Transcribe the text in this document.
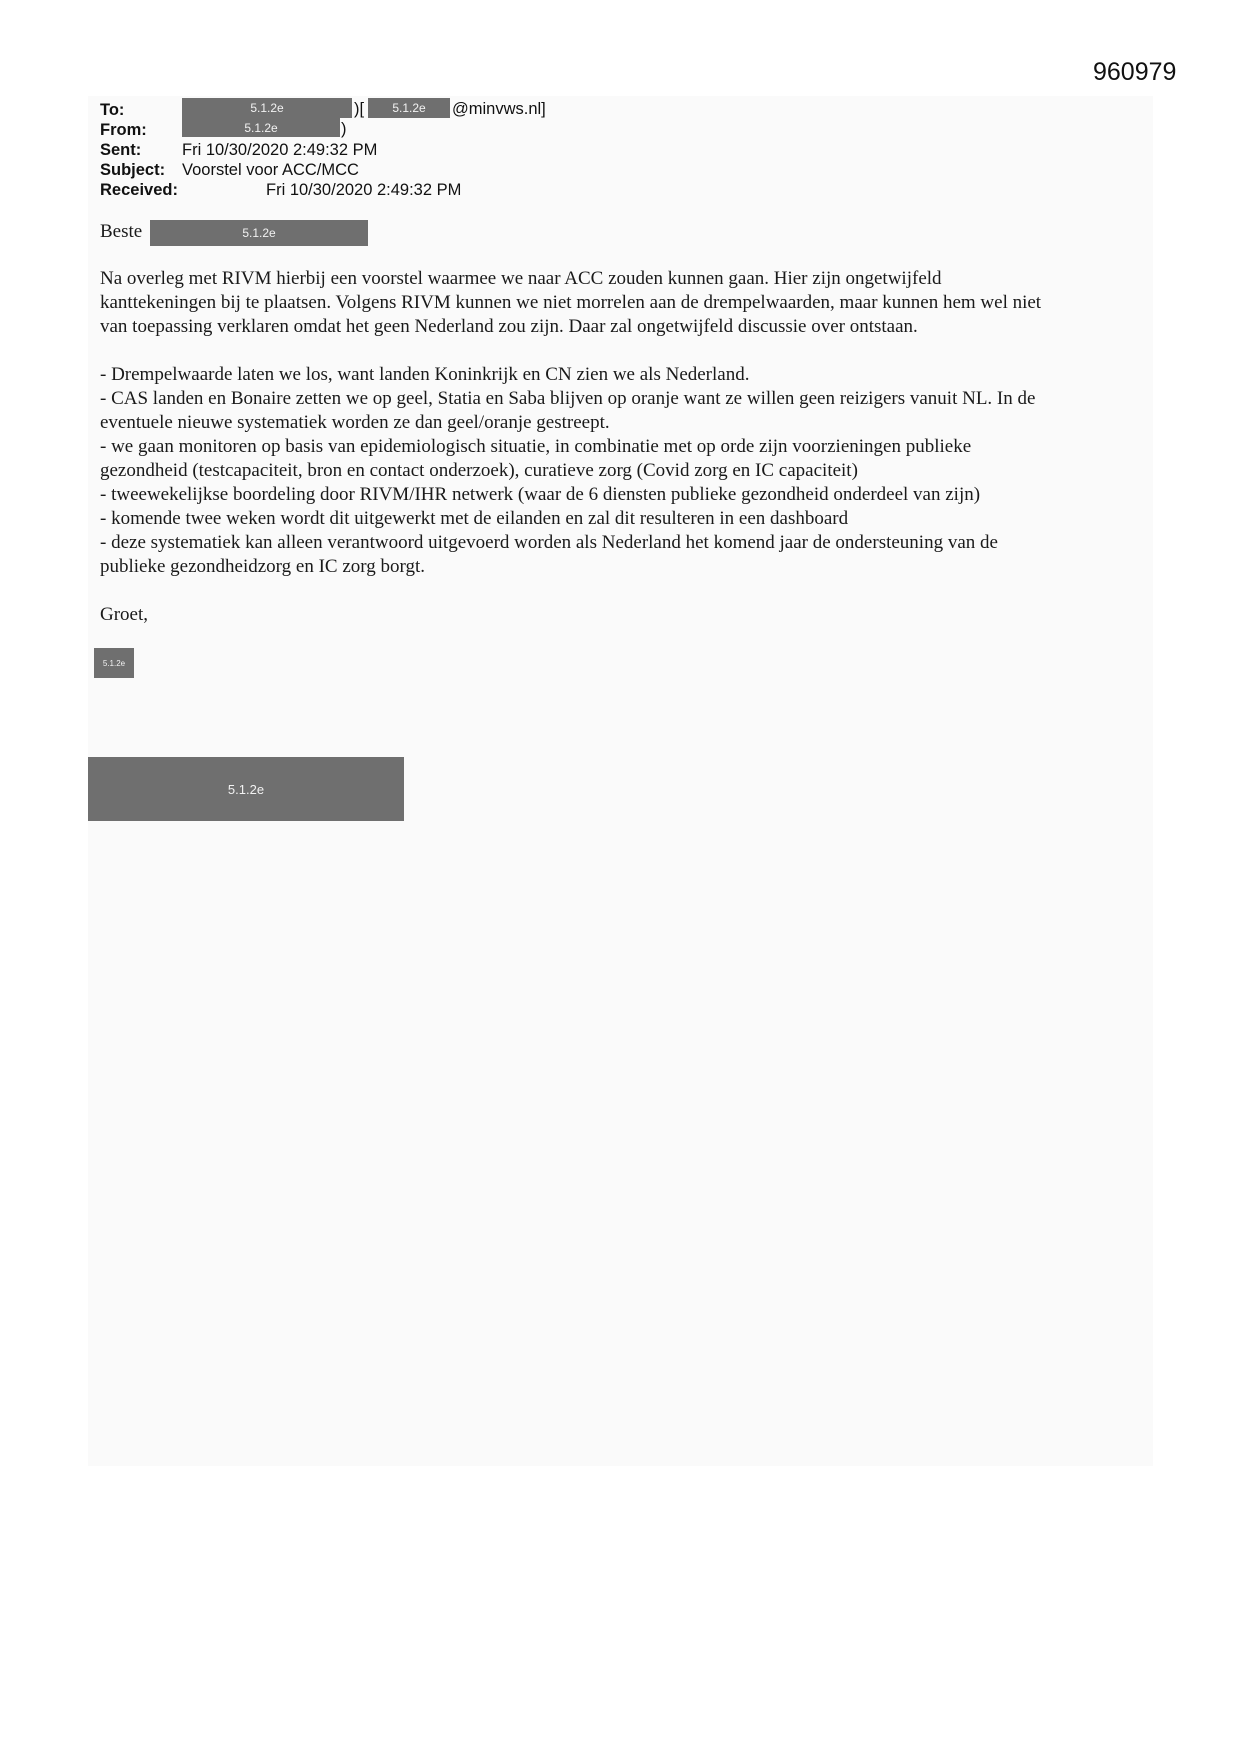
960979
To:	5.1.2e	)[	5.1.2e	@minvws.nl]
From:	5.1.2e	)
Sent: Fri 10/30/2020 2:49:32 PM
Subject: Voorstel voor ACC/MCC
Received:	Fri 10/30/2020 2:49:32 PM
Beste	5.1.2e

Na overleg met RIVM hierbij een voorstel waarmee we naar ACC zouden kunnen gaan. Hier zijn ongetwijfeld
kanttekeningen bij te plaatsen. Volgens RIVM kunnen we niet morrelen aan de drempelwaarden, maar kunnen hem wel niet
van toepassing verklaren omdat het geen Nederland zou zijn. Daar zal ongetwijfeld discussie over ontstaan.

- Drempelwaarde laten we los, want landen Koninkrijk en CN zien we als Nederland.
- CAS landen en Bonaire zetten we op geel, Statia en Saba blijven op oranje want ze willen geen reizigers vanuit NL. In de
eventuele nieuwe systematiek worden ze dan geel/oranje gestreept.
- we gaan monitoren op basis van epidemiologisch situatie, in combinatie met op orde zijn voorzieningen publieke
gezondheid (testcapaciteit, bron en contact onderzoek), curatieve zorg (Covid zorg en IC capaciteit)
- tweewekelijkse boordeling door RIVM/IHR netwerk (waar de 6 diensten publieke gezondheid onderdeel van zijn)
- komende twee weken wordt dit uitgewerkt met de eilanden en zal dit resulteren in een dashboard
- deze systematiek kan alleen verantwoord uitgevoerd worden als Nederland het komend jaar de ondersteuning van de
publieke gezondheidzorg en IC zorg borgt.

Groet,

5.1.2e
5.1.2e
